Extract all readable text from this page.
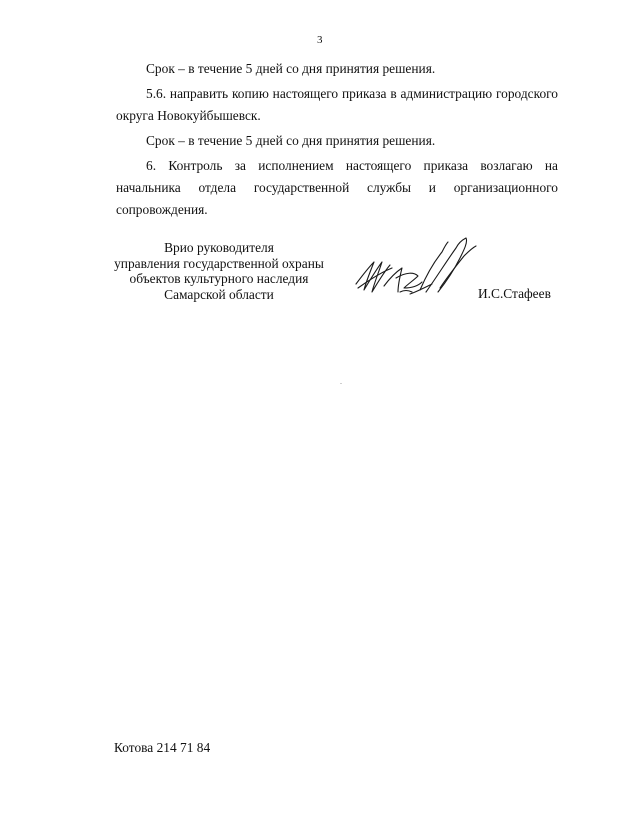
3

Срок – в течение 5 дней со дня принятия решения.

5.6. направить копию настоящего приказа в администрацию городского округа Новокуйбышевск.

Срок – в течение 5 дней со дня принятия решения.

6. Контроль за исполнением настоящего приказа возлагаю на начальника отдела государственной службы и организационного сопровождения.

Врио руководителя
управления государственной охраны
объектов культурного наследия
Самарской области	И.С.Стафеев
Котова 214 71 84
